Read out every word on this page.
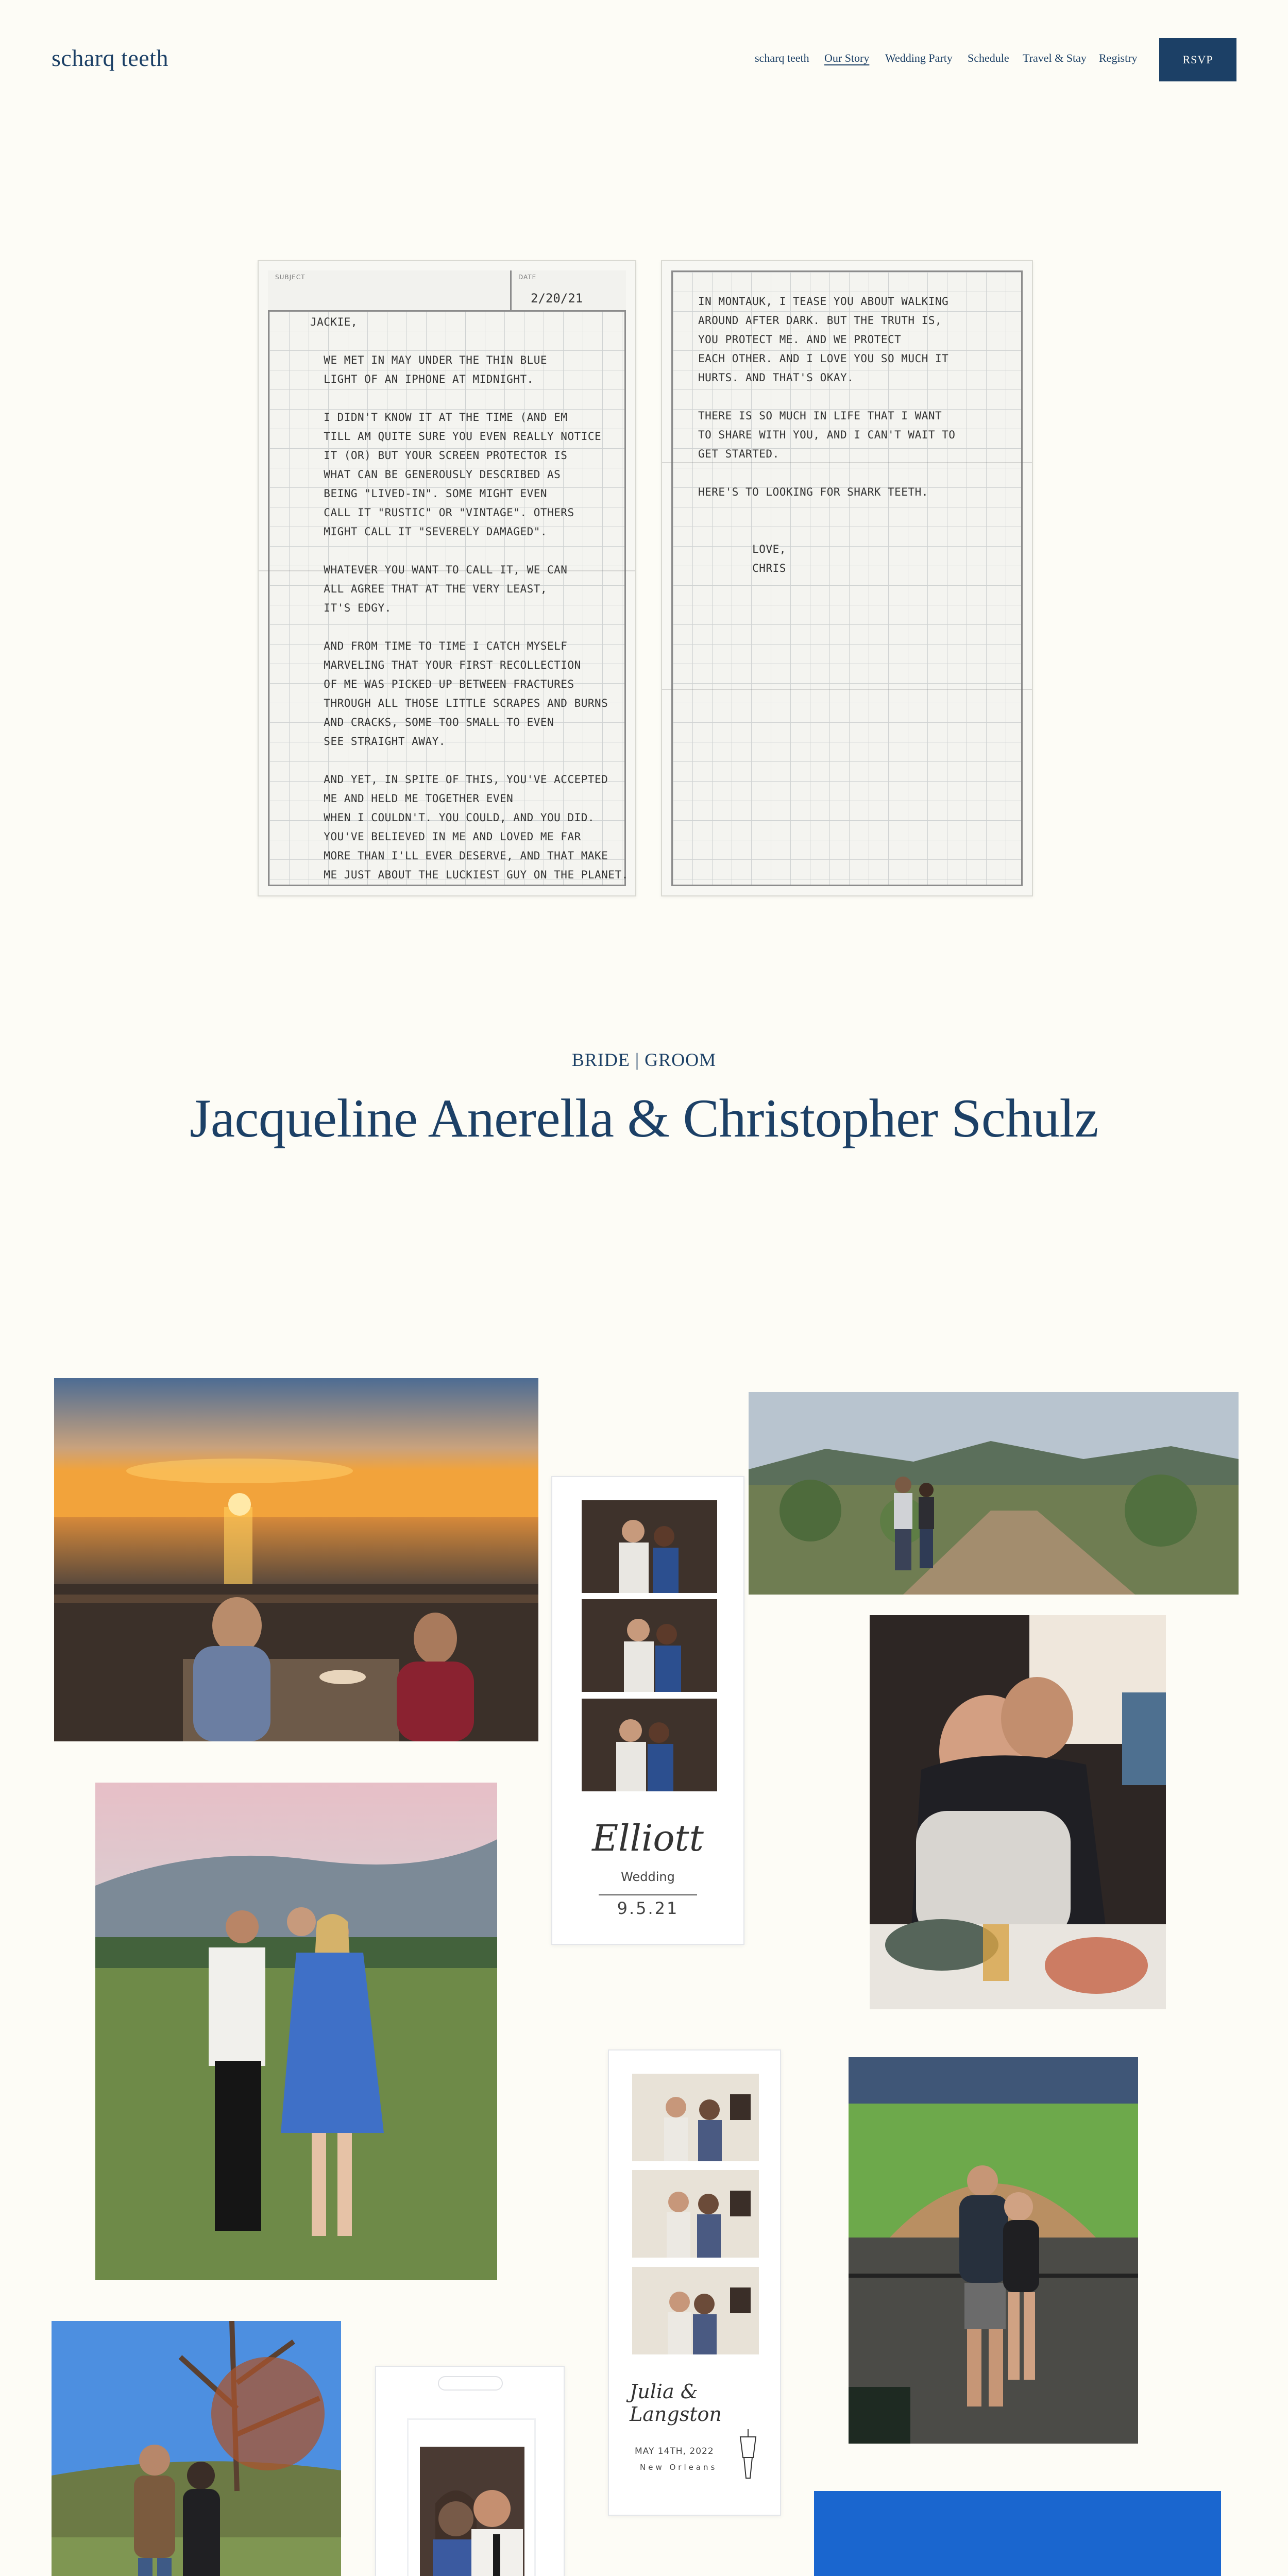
scharq teeth	scharq teeth Our Story Wedding Party Schedule Travel & Stay Registry	RSVP
SUBJECT	DATE
2/20/21
JACKIE,

WE MET IN MAY UNDER THE THIN BLUE
LIGHT OF AN IPHONE AT MIDNIGHT.

I DIDN'T KNOW IT AT THE TIME (AND EM
TILL AM QUITE SURE YOU EVEN REALLY NOTICE
IT (OR) BUT YOUR SCREEN PROTECTOR IS
WHAT CAN BE GENEROUSLY DESCRIBED AS
BEING "LIVED-IN". SOME MIGHT EVEN
CALL IT "RUSTIC" OR "VINTAGE". OTHERS
MIGHT CALL IT "SEVERELY DAMAGED".

WHATEVER YOU WANT TO CALL IT, WE CAN
ALL AGREE THAT AT THE VERY LEAST,
IT'S EDGY.

AND FROM TIME TO TIME I CATCH MYSELF
MARVELING THAT YOUR FIRST RECOLLECTION
OF ME WAS PICKED UP BETWEEN FRACTURES
THROUGH ALL THOSE LITTLE SCRAPES AND BURNS
AND CRACKS, SOME TOO SMALL TO EVEN
SEE STRAIGHT AWAY.

AND YET, IN SPITE OF THIS, YOU'VE ACCEPTED
ME AND HELD ME TOGETHER EVEN
WHEN I COULDN'T. YOU COULD, AND YOU DID.
YOU'VE BELIEVED IN ME AND LOVED ME FAR
MORE THAN I'LL EVER DESERVE, AND THAT MAKE
ME JUST ABOUT THE LUCKIEST GUY ON THE PLANET.
IN MONTAUK, I TEASE YOU ABOUT WALKING
AROUND AFTER DARK. BUT THE TRUTH IS,
YOU PROTECT ME. AND WE PROTECT
EACH OTHER. AND I LOVE YOU SO MUCH IT
HURTS. AND THAT'S OKAY.

THERE IS SO MUCH IN LIFE THAT I WANT
TO SHARE WITH YOU, AND I CAN'T WAIT TO
GET STARTED.

HERE'S TO LOOKING FOR SHARK TEETH.

LOVE,
CHRIS
BRIDE | GROOM
Jacqueline Anerella & Christopher Schulz
Elliott
Wedding
9.5.21
Julia & Langston
MAY 14TH, 2022
New Orleans
